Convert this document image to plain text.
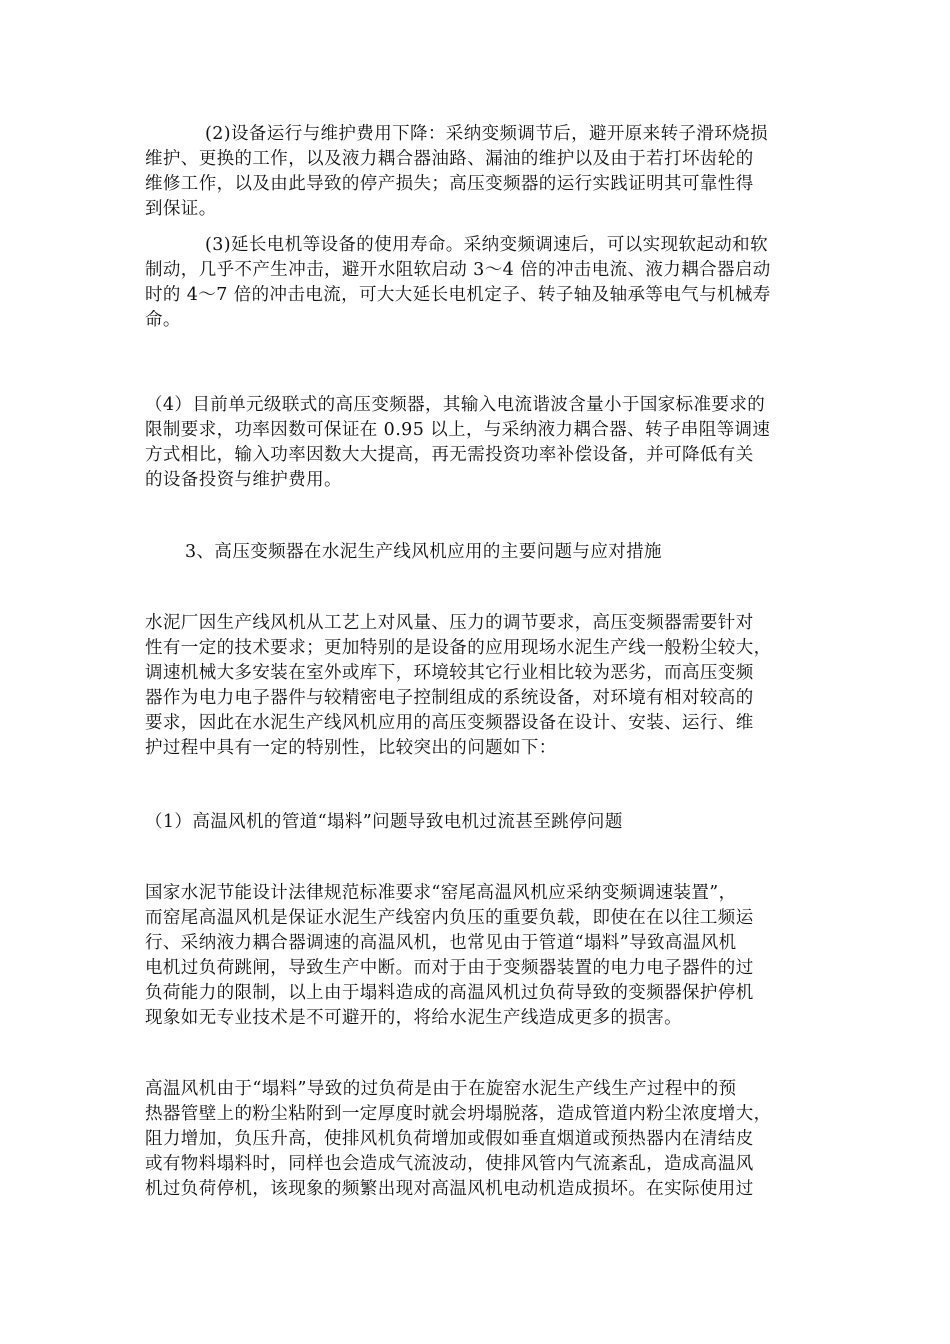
(2)设备运行与维护费用下降：采纳变频调节后，避开原来转子滑环烧损
维护、更换的工作，以及液力耦合器油路、漏油的维护以及由于若打坏齿轮的
维修工作，以及由此导致的停产损失；高压变频器的运行实践证明其可靠性得
到保证。
(3)延长电机等设备的使用寿命。采纳变频调速后，可以实现软起动和软
制动，几乎不产生冲击，避开水阻软启动 3～4 倍的冲击电流、液力耦合器启动
时的 4～7 倍的冲击电流，可大大延长电机定子、转子轴及轴承等电气与机械寿
命。
（4）目前单元级联式的高压变频器，其输入电流谐波含量小于国家标准要求的
限制要求，功率因数可保证在 0.95 以上，与采纳液力耦合器、转子串阻等调速
方式相比，输入功率因数大大提高，再无需投资功率补偿设备，并可降低有关
的设备投资与维护费用。
3、高压变频器在水泥生产线风机应用的主要问题与应对措施
水泥厂因生产线风机从工艺上对风量、压力的调节要求，高压变频器需要针对
性有一定的技术要求；更加特别的是设备的应用现场水泥生产线一般粉尘较大，
调速机械大多安装在室外或库下，环境较其它行业相比较为恶劣，而高压变频
器作为电力电子器件与较精密电子控制组成的系统设备，对环境有相对较高的
要求，因此在水泥生产线风机应用的高压变频器设备在设计、安装、运行、维
护过程中具有一定的特别性，比较突出的问题如下：
（1）高温风机的管道“塌料”问题导致电机过流甚至跳停问题
国家水泥节能设计法律规范标准要求“窑尾高温风机应采纳变频调速装置”，
而窑尾高温风机是保证水泥生产线窑内负压的重要负载，即使在在以往工频运
行、采纳液力耦合器调速的高温风机，也常见由于管道“塌料”导致高温风机
电机过负荷跳闸，导致生产中断。而对于由于变频器装置的电力电子器件的过
负荷能力的限制，以上由于塌料造成的高温风机过负荷导致的变频器保护停机
现象如无专业技术是不可避开的，将给水泥生产线造成更多的损害。
高温风机由于“塌料”导致的过负荷是由于在旋窑水泥生产线生产过程中的预
热器管壁上的粉尘粘附到一定厚度时就会坍塌脱落，造成管道内粉尘浓度增大，
阻力增加，负压升高，使排风机负荷增加或假如垂直烟道或预热器内在清结皮
或有物料塌料时，同样也会造成气流波动，使排风管内气流紊乱，造成高温风
机过负荷停机，该现象的频繁出现对高温风机电动机造成损坏。在实际使用过
